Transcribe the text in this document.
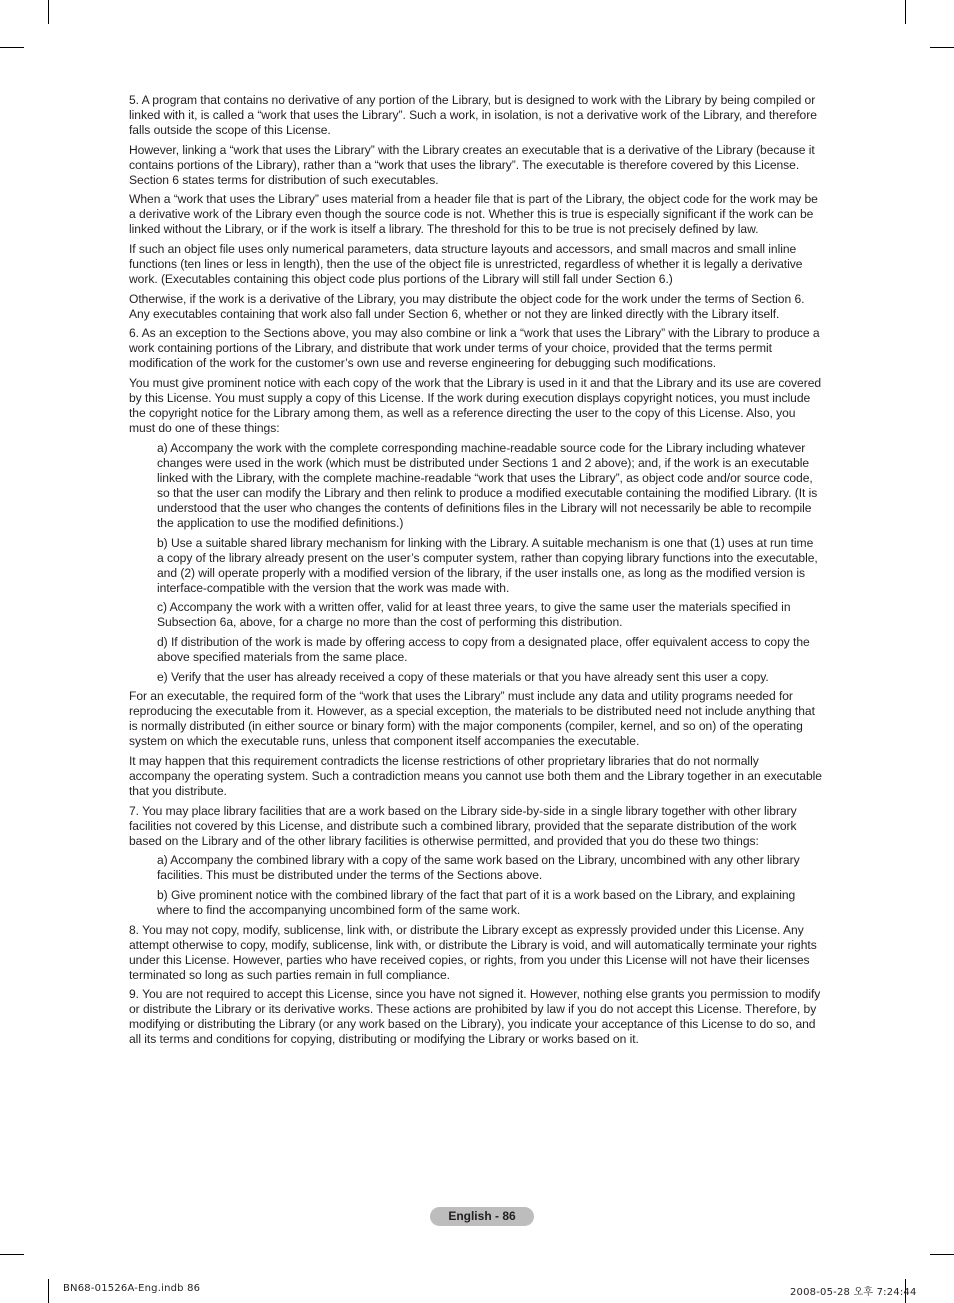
5. A program that contains no derivative of any portion of the Library, but is designed to work with the Library by being compiled or linked with it, is called a “work that uses the Library”. Such a work, in isolation, is not a derivative work of the Library, and therefore falls outside the scope of this License.

However, linking a “work that uses the Library” with the Library creates an executable that is a derivative of the Library (because it contains portions of the Library), rather than a “work that uses the library”. The executable is therefore covered by this License. Section 6 states terms for distribution of such executables.

When a “work that uses the Library” uses material from a header file that is part of the Library, the object code for the work may be a derivative work of the Library even though the source code is not. Whether this is true is especially significant if the work can be linked without the Library, or if the work is itself a library. The threshold for this to be true is not precisely defined by law.

If such an object file uses only numerical parameters, data structure layouts and accessors, and small macros and small inline functions (ten lines or less in length), then the use of the object file is unrestricted, regardless of whether it is legally a derivative work. (Executables containing this object code plus portions of the Library will still fall under Section 6.)

Otherwise, if the work is a derivative of the Library, you may distribute the object code for the work under the terms of Section 6. Any executables containing that work also fall under Section 6, whether or not they are linked directly with the Library itself.

6. As an exception to the Sections above, you may also combine or link a “work that uses the Library” with the Library to produce a work containing portions of the Library, and distribute that work under terms of your choice, provided that the terms permit modification of the work for the customer’s own use and reverse engineering for debugging such modifications.

You must give prominent notice with each copy of the work that the Library is used in it and that the Library and its use are covered by this License. You must supply a copy of this License. If the work during execution displays copyright notices, you must include the copyright notice for the Library among them, as well as a reference directing the user to the copy of this License. Also, you must do one of these things:

a) Accompany the work with the complete corresponding machine-readable source code for the Library including whatever changes were used in the work (which must be distributed under Sections 1 and 2 above); and, if the work is an executable linked with the Library, with the complete machine-readable “work that uses the Library”, as object code and/or source code, so that the user can modify the Library and then relink to produce a modified executable containing the modified Library. (It is understood that the user who changes the contents of definitions files in the Library will not necessarily be able to recompile the application to use the modified definitions.)

b) Use a suitable shared library mechanism for linking with the Library. A suitable mechanism is one that (1) uses at run time a copy of the library already present on the user’s computer system, rather than copying library functions into the executable, and (2) will operate properly with a modified version of the library, if the user installs one, as long as the modified version is interface-compatible with the version that the work was made with.

c) Accompany the work with a written offer, valid for at least three years, to give the same user the materials specified in Subsection 6a, above, for a charge no more than the cost of performing this distribution.

d) If distribution of the work is made by offering access to copy from a designated place, offer equivalent access to copy the above specified materials from the same place.

e) Verify that the user has already received a copy of these materials or that you have already sent this user a copy.

For an executable, the required form of the “work that uses the Library” must include any data and utility programs needed for reproducing the executable from it. However, as a special exception, the materials to be distributed need not include anything that is normally distributed (in either source or binary form) with the major components (compiler, kernel, and so on) of the operating system on which the executable runs, unless that component itself accompanies the executable.

It may happen that this requirement contradicts the license restrictions of other proprietary libraries that do not normally accompany the operating system. Such a contradiction means you cannot use both them and the Library together in an executable that you distribute.

7. You may place library facilities that are a work based on the Library side-by-side in a single library together with other library facilities not covered by this License, and distribute such a combined library, provided that the separate distribution of the work based on the Library and of the other library facilities is otherwise permitted, and provided that you do these two things:

a) Accompany the combined library with a copy of the same work based on the Library, uncombined with any other library facilities. This must be distributed under the terms of the Sections above.

b) Give prominent notice with the combined library of the fact that part of it is a work based on the Library, and explaining where to find the accompanying uncombined form of the same work.

8. You may not copy, modify, sublicense, link with, or distribute the Library except as expressly provided under this License. Any attempt otherwise to copy, modify, sublicense, link with, or distribute the Library is void, and will automatically terminate your rights under this License. However, parties who have received copies, or rights, from you under this License will not have their licenses terminated so long as such parties remain in full compliance.

9. You are not required to accept this License, since you have not signed it. However, nothing else grants you permission to modify or distribute the Library or its derivative works. These actions are prohibited by law if you do not accept this License. Therefore, by modifying or distributing the Library (or any work based on the Library), you indicate your acceptance of this License to do so, and all its terms and conditions for copying, distributing or modifying the Library or works based on it.

English - 86
BN68-01526A-Eng.indb 86	2008-05-28 오후 7:24:44
